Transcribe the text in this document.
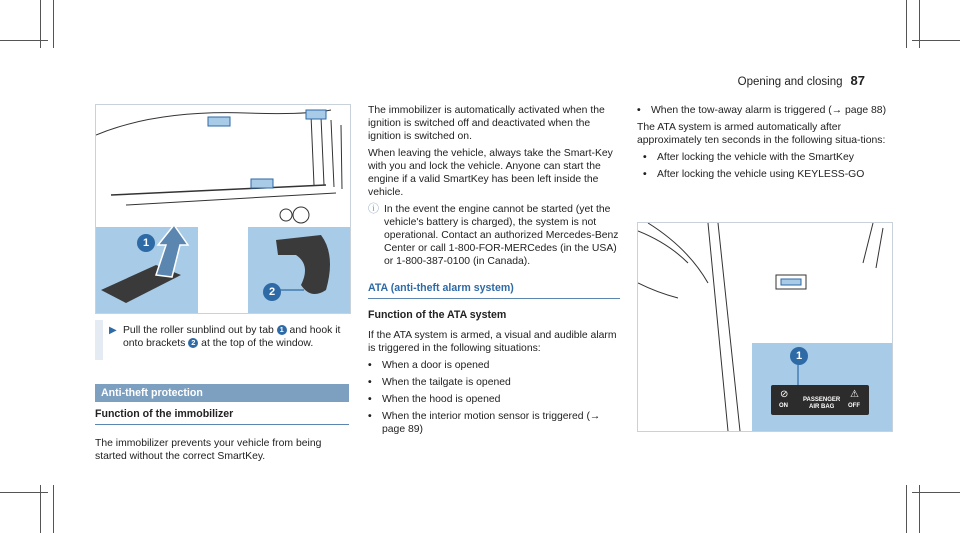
Opening and closing 87
1
2
▶ Pull the roller sunblind out by tab 1 and hook it onto brackets 2 at the top of the window.
Anti-theft protection
Function of the immobilizer

The immobilizer prevents your vehicle from being started without the correct SmartKey.

The immobilizer is automatically activated when the ignition is switched off and deactivated when the ignition is switched on.

When leaving the vehicle, always take the Smart-Key with you and lock the vehicle. Anyone can start the engine if a valid SmartKey has been left inside the vehicle.

ⓘ In the event the engine cannot be started (yet the vehicle's battery is charged), the system is not operational. Contact an authorized Mercedes-Benz Center or call 1-800-FOR-MERCedes (in the USA) or 1-800-387-0100 (in Canada).
ATA (anti-theft alarm system)
Function of the ATA system

If the ATA system is armed, a visual and audible alarm is triggered in the following situations:

• When a door is opened
• When the tailgate is opened
• When the hood is opened
• When the interior motion sensor is triggered (→ page 89)
• When the tow-away alarm is triggered (→ page 88)

The ATA system is armed automatically after approximately ten seconds in the following situa-tions:

• After locking the vehicle with the SmartKey
• After locking the vehicle using KEYLESS-GO
1
⊘
ON
PASSENGER
AIR BAG
⚠
OFF
